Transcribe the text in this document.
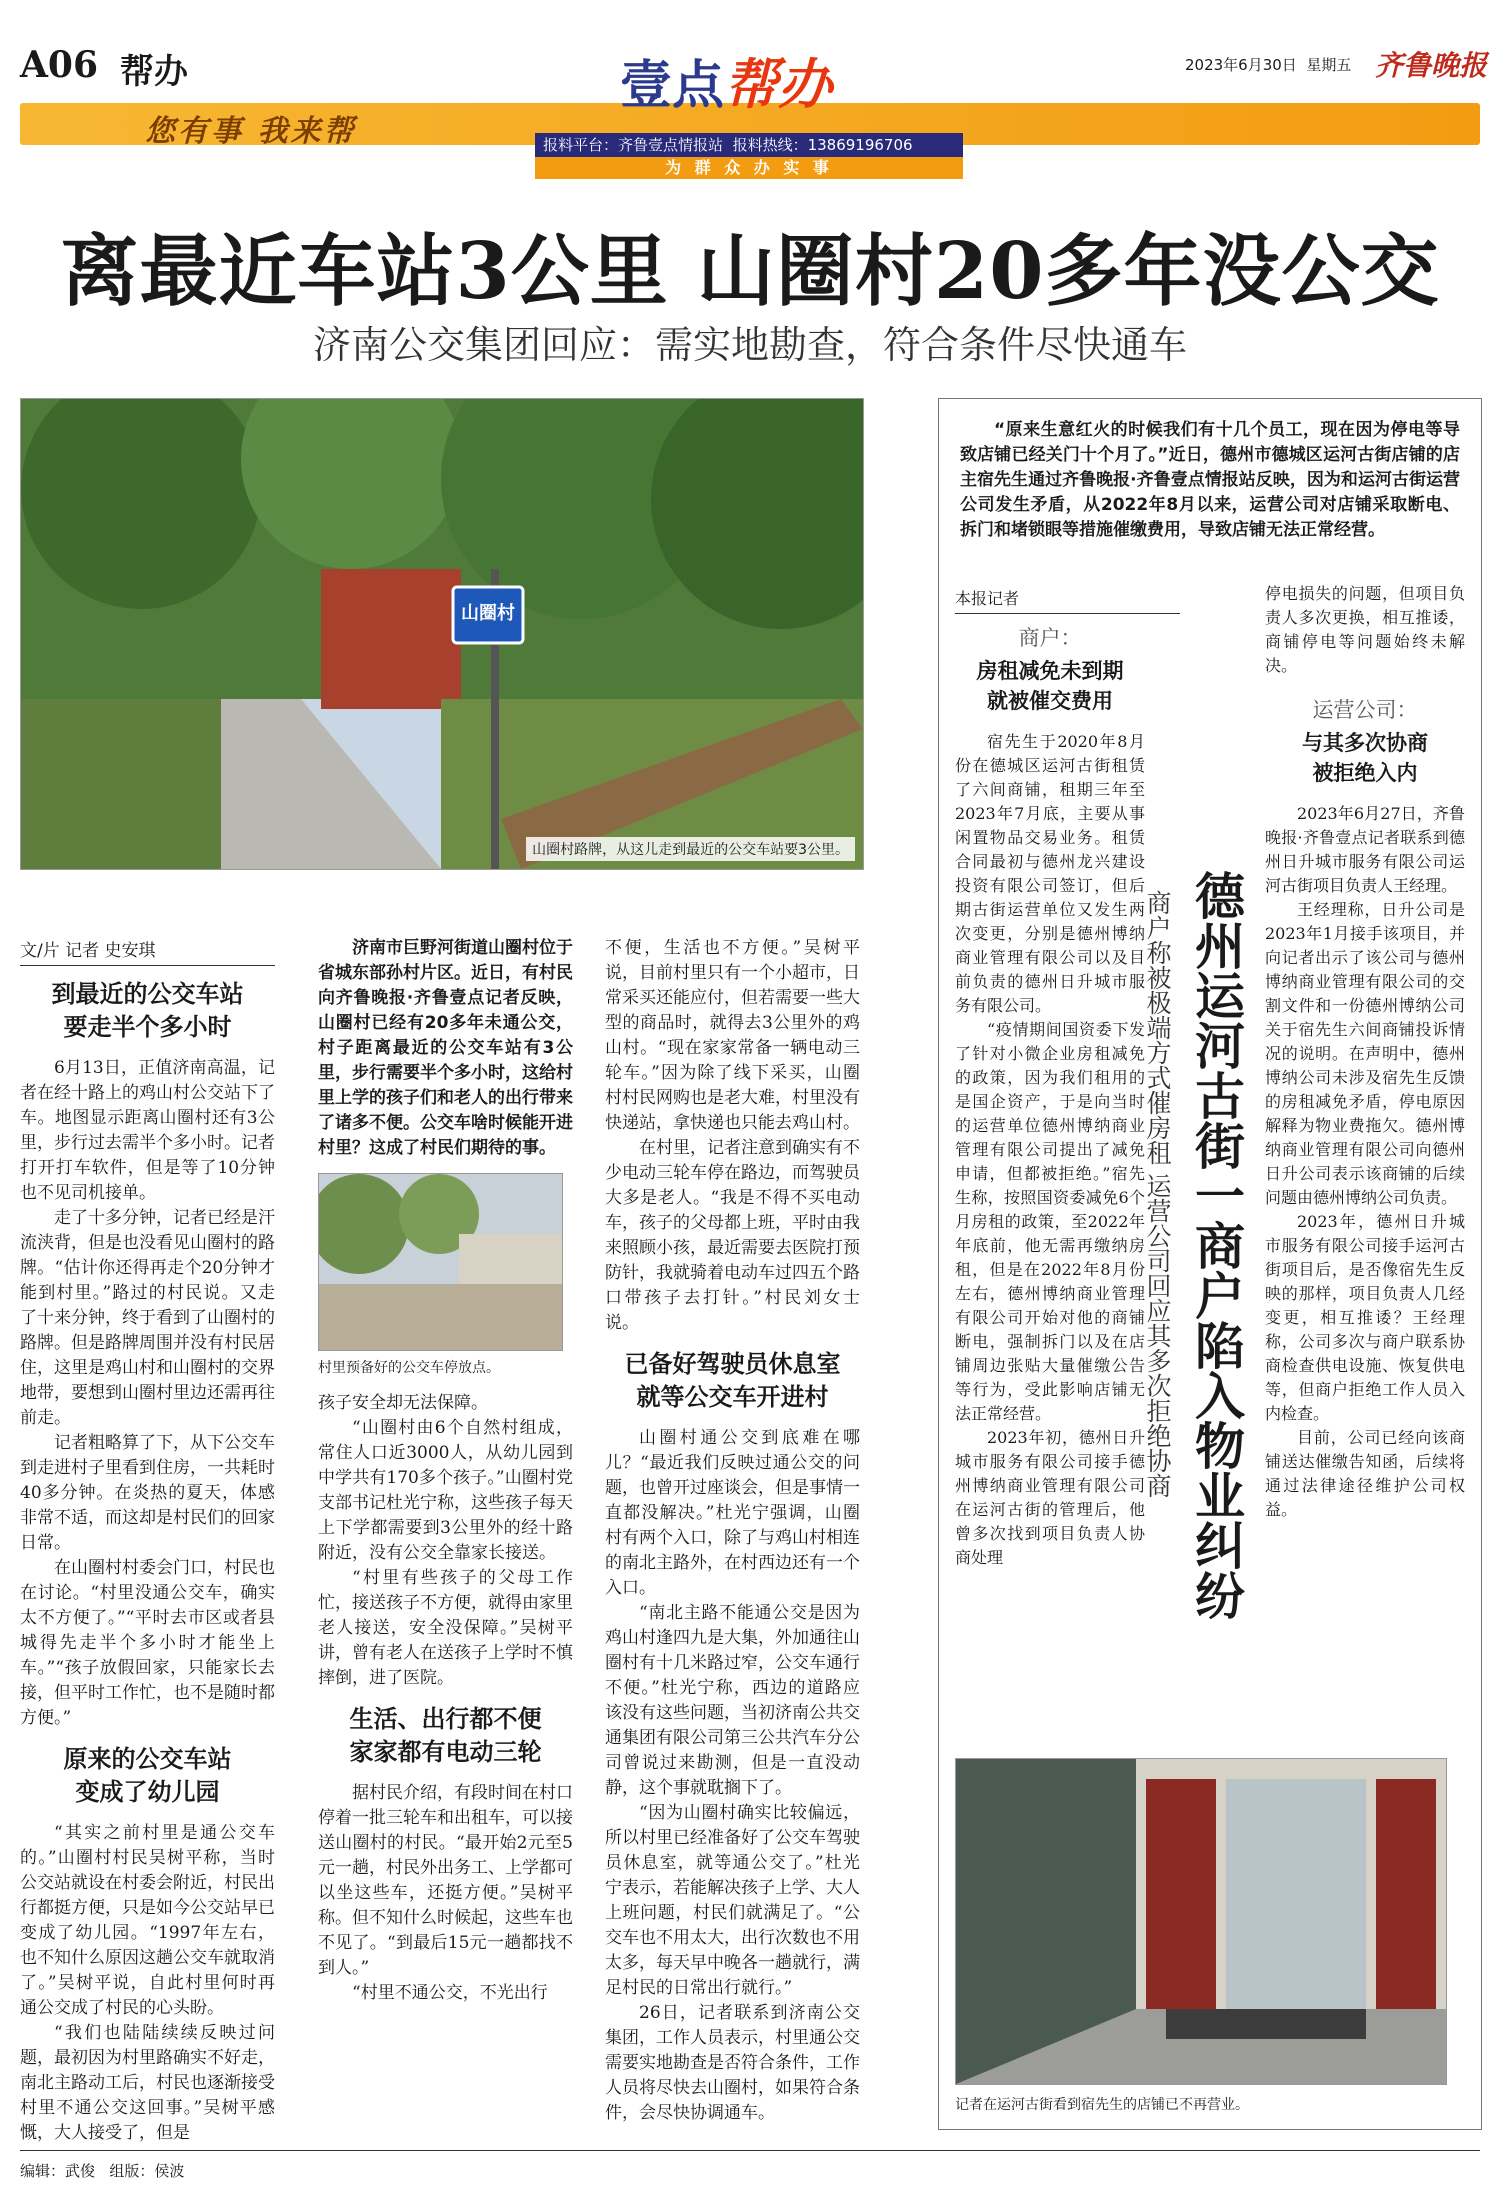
A06 帮办
您有事 我来帮
壹点帮办
报料平台：齐鲁壹点情报站 报料热线：13869196706
为 群 众 办 实 事
2023年6月30日 星期五 齐鲁晚报
离最近车站3公里 山圈村20多年没公交
济南公交集团回应：需实地勘查，符合条件尽快通车
山圈村
山圈村路牌，从这儿走到最近的公交车站要3公里。
文/片 记者 史安琪
到最近的公交车站
要走半个多小时

6月13日，正值济南高温，记者在经十路上的鸡山村公交站下了车。地图显示距离山圈村还有3公里，步行过去需半个多小时。记者打开打车软件，但是等了10分钟也不见司机接单。

走了十多分钟，记者已经是汗流浃背，但是也没看见山圈村的路牌。“估计你还得再走个20分钟才能到村里。”路过的村民说。又走了十来分钟，终于看到了山圈村的路牌。但是路牌周围并没有村民居住，这里是鸡山村和山圈村的交界地带，要想到山圈村里边还需再往前走。

记者粗略算了下，从下公交车到走进村子里看到住房，一共耗时40多分钟。在炎热的夏天，体感非常不适，而这却是村民们的回家日常。

在山圈村村委会门口，村民也在讨论。“村里没通公交车，确实太不方便了。”“平时去市区或者县城得先走半个多小时才能坐上车。”“孩子放假回家，只能家长去接，但平时工作忙，也不是随时都方便。”

原来的公交车站
变成了幼儿园

“其实之前村里是通公交车的。”山圈村村民吴树平称，当时公交站就设在村委会附近，村民出行都挺方便，只是如今公交站早已变成了幼儿园。“1997年左右，也不知什么原因这趟公交车就取消了。”吴树平说，自此村里何时再通公交成了村民的心头盼。

“我们也陆陆续续反映过问题，最初因为村里路确实不好走，南北主路动工后，村民也逐渐接受村里不通公交这回事。”吴树平感慨，大人接受了，但是

济南市巨野河街道山圈村位于省城东部孙村片区。近日，有村民向齐鲁晚报·齐鲁壹点记者反映，山圈村已经有20多年未通公交，村子距离最近的公交车站有3公里，步行需要半个多小时，这给村里上学的孩子们和老人的出行带来了诸多不便。公交车啥时候能开进村里？这成了村民们期待的事。

村里预备好的公交车停放点。

孩子安全却无法保障。

“山圈村由6个自然村组成，常住人口近3000人，从幼儿园到中学共有170多个孩子。”山圈村党支部书记杜光宁称，这些孩子每天上下学都需要到3公里外的经十路附近，没有公交全靠家长接送。

“村里有些孩子的父母工作忙，接送孩子不方便，就得由家里老人接送，安全没保障。”吴树平讲，曾有老人在送孩子上学时不慎摔倒，进了医院。

生活、出行都不便
家家都有电动三轮

据村民介绍，有段时间在村口停着一批三轮车和出租车，可以接送山圈村的村民。“最开始2元至5元一趟，村民外出务工、上学都可以坐这些车，还挺方便。”吴树平称。但不知什么时候起，这些车也不见了。“到最后15元一趟都找不到人。”

“村里不通公交，不光出行

不便，生活也不方便。”吴树平说，目前村里只有一个小超市，日常采买还能应付，但若需要一些大型的商品时，就得去3公里外的鸡山村。“现在家家常备一辆电动三轮车。”因为除了线下采买，山圈村村民网购也是老大难，村里没有快递站，拿快递也只能去鸡山村。

在村里，记者注意到确实有不少电动三轮车停在路边，而驾驶员大多是老人。“我是不得不买电动车，孩子的父母都上班，平时由我来照顾小孩，最近需要去医院打预防针，我就骑着电动车过四五个路口带孩子去打针。”村民刘女士说。

已备好驾驶员休息室
就等公交车开进村

山圈村通公交到底难在哪儿？“最近我们反映过通公交的问题，也曾开过座谈会，但是事情一直都没解决。”杜光宁强调，山圈村有两个入口，除了与鸡山村相连的南北主路外，在村西边还有一个入口。

“南北主路不能通公交是因为鸡山村逢四九是大集，外加通往山圈村有十几米路过窄，公交车通行不便。”杜光宁称，西边的道路应该没有这些问题，当初济南公共交通集团有限公司第三公共汽车分公司曾说过来勘测，但是一直没动静，这个事就耽搁下了。

“因为山圈村确实比较偏远，所以村里已经准备好了公交车驾驶员休息室，就等通公交了。”杜光宁表示，若能解决孩子上学、大人上班问题，村民们就满足了。“公交车也不用太大，出行次数也不用太多，每天早中晚各一趟就行，满足村民的日常出行就行。”

26日，记者联系到济南公交集团，工作人员表示，村里通公交需要实地勘查是否符合条件，工作人员将尽快去山圈村，如果符合条件，会尽快协调通车。

“原来生意红火的时候我们有十几个员工，现在因为停电等导致店铺已经关门十个月了。”近日，德州市德城区运河古街店铺的店主宿先生通过齐鲁晚报·齐鲁壹点情报站反映，因为和运河古街运营公司发生矛盾，从2022年8月以来，运营公司对店铺采取断电、拆门和堵锁眼等措施催缴费用，导致店铺无法正常经营。

本报记者
商户：
房租减免未到期
就被催交费用

宿先生于2020年8月份在德城区运河古街租赁了六间商铺，租期三年至2023年7月底，主要从事闲置物品交易业务。租赁合同最初与德州龙兴建设投资有限公司签订，但后期古街运营单位又发生两次变更，分别是德州博纳商业管理有限公司以及目前负责的德州日升城市服务有限公司。

“疫情期间国资委下发了针对小微企业房租减免的政策，因为我们租用的是国企资产，于是向当时的运营单位德州博纳商业管理有限公司提出了减免申请，但都被拒绝。”宿先生称，按照国资委减免6个月房租的政策，至2022年年底前，他无需再缴纳房租，但是在2022年8月份左右，德州博纳商业管理有限公司开始对他的商铺断电，强制拆门以及在店铺周边张贴大量催缴公告等行为，受此影响店铺无法正常经营。

2023年初，德州日升城市服务有限公司接手德州博纳商业管理有限公司在运河古街的管理后，他曾多次找到项目负责人协商处理

商户称被极端方式催房租 运营公司回应其多次拒绝协商 德州运河古街一商户陷入物业纠纷

停电损失的问题，但项目负责人多次更换，相互推诿，商铺停电等问题始终未解决。

运营公司：
与其多次协商
被拒绝入内

2023年6月27日，齐鲁晚报·齐鲁壹点记者联系到德州日升城市服务有限公司运河古街项目负责人王经理。

王经理称，日升公司是2023年1月接手该项目，并向记者出示了该公司与德州博纳商业管理有限公司的交割文件和一份德州博纳公司关于宿先生六间商铺投诉情况的说明。在声明中，德州博纳公司未涉及宿先生反馈的房租减免矛盾，停电原因解释为物业费拖欠。德州博纳商业管理有限公司向德州日升公司表示该商铺的后续问题由德州博纳公司负责。

2023年，德州日升城市服务有限公司接手运河古街项目后，是否像宿先生反映的那样，项目负责人几经变更，相互推诿？王经理称，公司多次与商户联系协商检查供电设施、恢复供电等，但商户拒绝工作人员入内检查。

目前，公司已经向该商铺送达催缴告知函，后续将通过法律途径维护公司权益。

记者在运河古街看到宿先生的店铺已不再营业。
编辑：武俊 组版：侯波
